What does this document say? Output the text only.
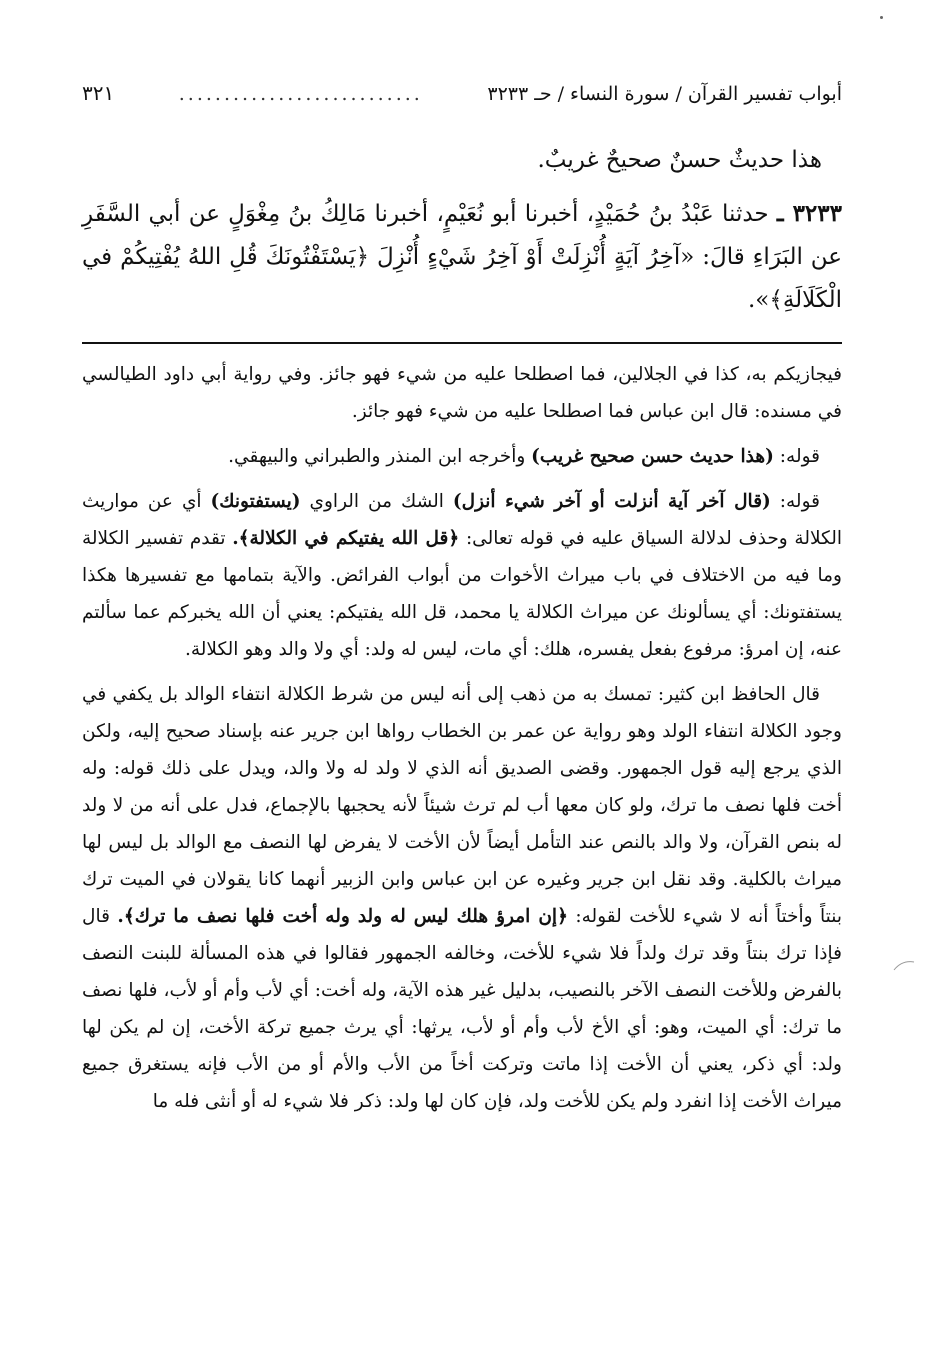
أبواب تفسير القرآن / سورة النساء / حـ ٣٢٣٣
...........................
٣٢١

هذا حديثٌ حسنٌ صحيحٌ غريبٌ.

٣٢٣٣ ـ حدثنا عَبْدُ بنُ حُمَيْدٍ، أخبرنا أبو نُعَيْمٍ، أخبرنا مَالِكُ بنُ مِغْوَلٍ عن أبي السَّفَرِ عن البَرَاءِ قالَ: «آخِرُ آيَةٍ أُنْزِلَتْ أَوْ آخِرُ شَيْءٍ أُنْزِلَ ﴿يَسْتَفْتُونَكَ قُلِ اللهُ يُفْتِيكُمْ في الْكَلَالَةِ﴾».

فيجازيكم به، كذا في الجلالين، فما اصطلحا عليه من شيء فهو جائز. وفي رواية أبي داود الطيالسي في مسنده: قال ابن عباس فما اصطلحا عليه من شيء فهو جائز.

قوله: (هذا حديث حسن صحيح غريب) وأخرجه ابن المنذر والطبراني والبيهقي.

قوله: (قال آخر آية أنزلت أو آخر شيء أنزل) الشك من الراوي (يستفتونك) أي عن مواريث الكلالة وحذف لدلالة السياق عليه في قوله تعالى: ﴿قل الله يفتيكم في الكلالة﴾. تقدم تفسير الكلالة وما فيه من الاختلاف في باب ميراث الأخوات من أبواب الفرائض. والآية بتمامها مع تفسيرها هكذا يستفتونك: أي يسألونك عن ميراث الكلالة يا محمد، قل الله يفتيكم: يعني أن الله يخبركم عما سألتم عنه، إن امرؤ: مرفوع بفعل يفسره، هلك: أي مات، ليس له ولد: أي ولا والد وهو الكلالة.

قال الحافظ ابن كثير: تمسك به من ذهب إلى أنه ليس من شرط الكلالة انتفاء الوالد بل يكفي في وجود الكلالة انتفاء الولد وهو رواية عن عمر بن الخطاب رواها ابن جرير عنه بإسناد صحيح إليه، ولكن الذي يرجع إليه قول الجمهور. وقضى الصديق أنه الذي لا ولد له ولا والد، ويدل على ذلك قوله: وله أخت فلها نصف ما ترك، ولو كان معها أب لم ترث شيئاً لأنه يحجبها بالإجماع، فدل على أنه من لا ولد له بنص القرآن، ولا والد بالنص عند التأمل أيضاً لأن الأخت لا يفرض لها النصف مع الوالد بل ليس لها ميراث بالكلية. وقد نقل ابن جرير وغيره عن ابن عباس وابن الزبير أنهما كانا يقولان في الميت ترك بنتاً وأختاً أنه لا شيء للأخت لقوله: ﴿إن امرؤ هلك ليس له ولد وله أخت فلها نصف ما ترك﴾. قال فإذا ترك بنتاً وقد ترك ولداً فلا شيء للأخت، وخالفه الجمهور فقالوا في هذه المسألة للبنت النصف بالفرض وللأخت النصف الآخر بالنصيب، بدليل غير هذه الآية، وله أخت: أي لأب وأم أو لأب، فلها نصف ما ترك: أي الميت، وهو: أي الأخ لأب وأم أو لأب، يرثها: أي يرث جميع تركة الأخت، إن لم يكن لها ولد: أي ذكر، يعني أن الأخت إذا ماتت وتركت أخاً من الأب والأم أو من الأب فإنه يستغرق جميع ميراث الأخت إذا انفرد ولم يكن للأخت ولد، فإن كان لها ولد: ذكر فلا شيء له أو أنثى فله ما
